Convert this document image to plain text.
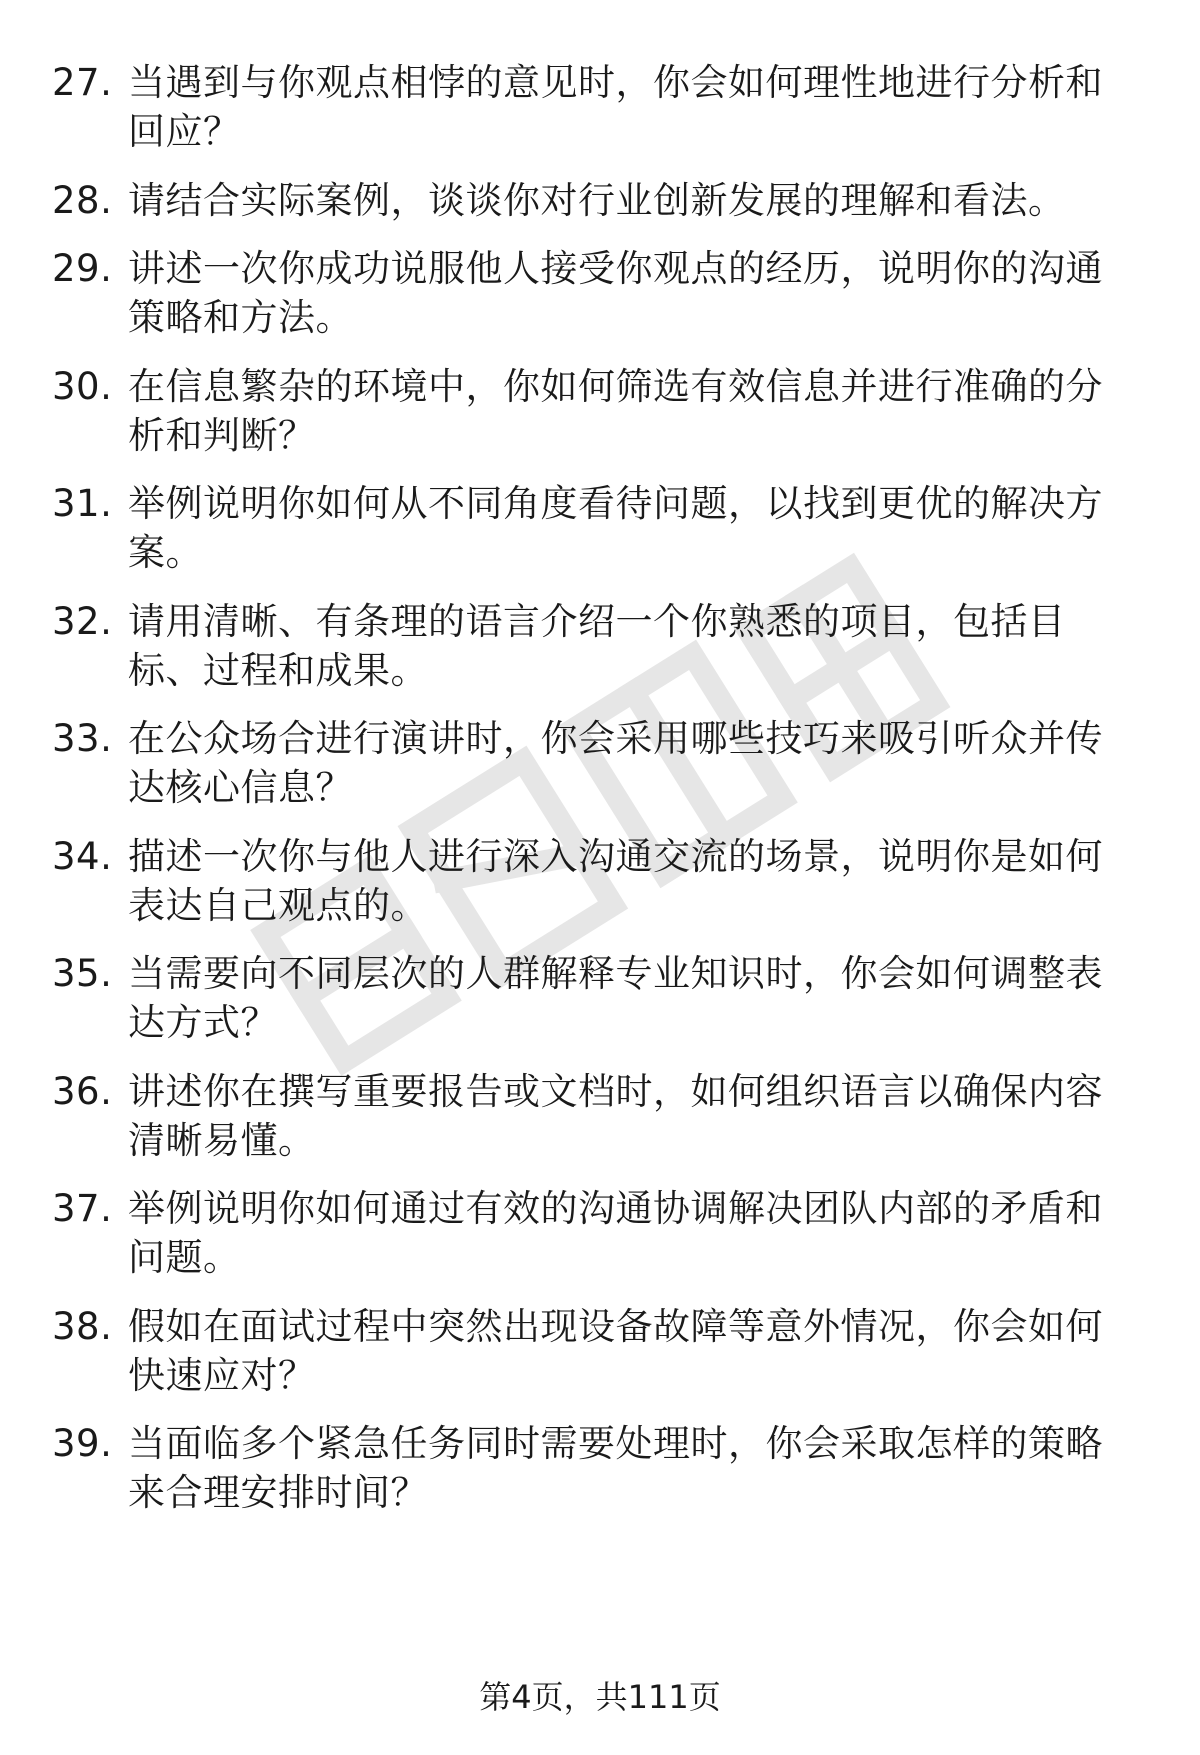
27. 当遇到与你观点相悖的意见时，你会如何理性地进行分析和回应？
28. 请结合实际案例，谈谈你对行业创新发展的理解和看法。
29. 讲述一次你成功说服他人接受你观点的经历，说明你的沟通策略和方法。
30. 在信息繁杂的环境中，你如何筛选有效信息并进行准确的分析和判断？
31. 举例说明你如何从不同角度看待问题，以找到更优的解决方案。
32. 请用清晰、有条理的语言介绍一个你熟悉的项目，包括目标、过程和成果。
33. 在公众场合进行演讲时，你会采用哪些技巧来吸引听众并传达核心信息？
34. 描述一次你与他人进行深入沟通交流的场景，说明你是如何表达自己观点的。
35. 当需要向不同层次的人群解释专业知识时，你会如何调整表达方式？
36. 讲述你在撰写重要报告或文档时，如何组织语言以确保内容清晰易懂。
37. 举例说明你如何通过有效的沟通协调解决团队内部的矛盾和问题。
38. 假如在面试过程中突然出现设备故障等意外情况，你会如何快速应对？
39. 当面临多个紧急任务同时需要处理时，你会采取怎样的策略来合理安排时间？
第4页，共111页
